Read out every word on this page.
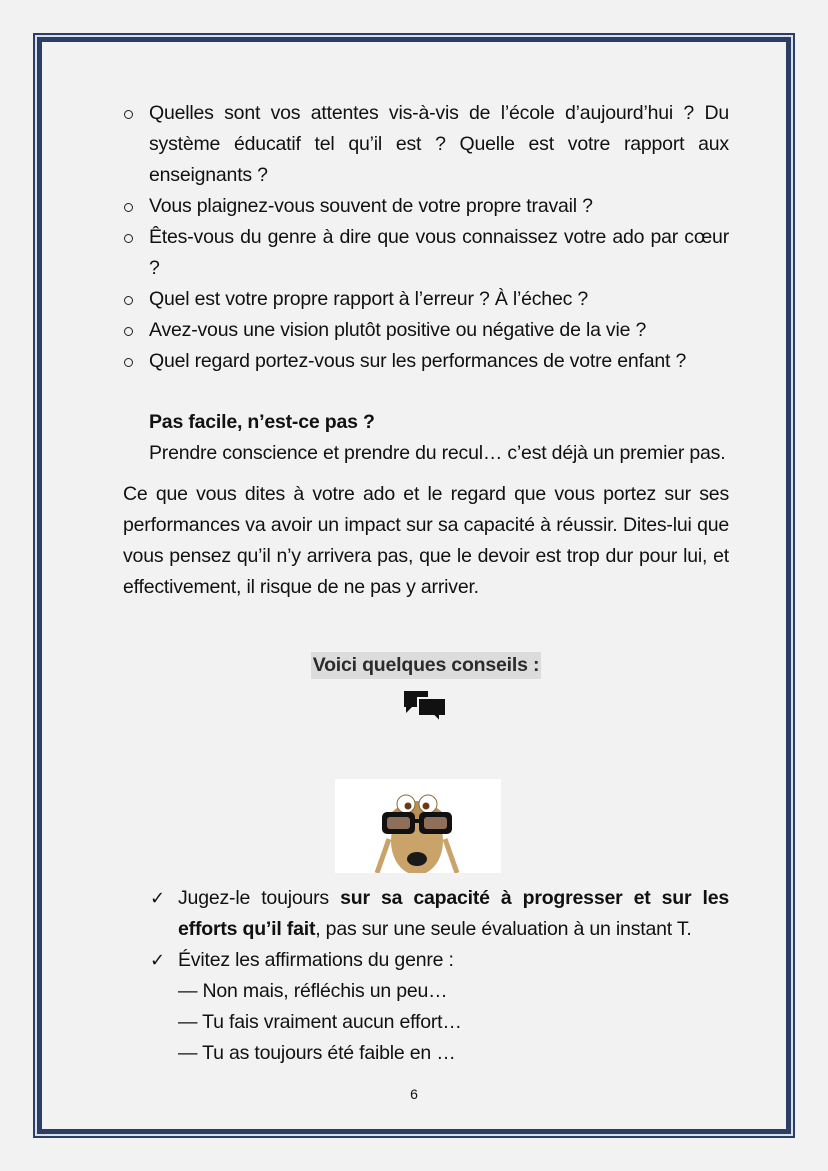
Quelles sont vos attentes vis-à-vis de l’école d’aujourd’hui ? Du système éducatif tel qu’il est ? Quelle est votre rapport aux enseignants ?
Vous plaignez-vous souvent de votre propre travail ?
Êtes-vous du genre à dire que vous connaissez votre ado par cœur ?
Quel est votre propre rapport à l’erreur ? À l’échec ?
Avez-vous une vision plutôt positive ou négative de la vie ?
Quel regard portez-vous sur les performances de votre enfant ?
Pas facile, n’est-ce pas ?
Prendre conscience et prendre du recul… c’est déjà un premier pas.

Ce que vous dites à votre ado et le regard que vous portez sur ses performances va avoir un impact sur sa capacité à réussir. Dites-lui que vous pensez qu’il n’y arrivera pas, que le devoir est trop dur pour lui, et effectivement, il risque de ne pas y arriver.

Voici quelques conseils :
✓ Jugez-le toujours sur sa capacité à progresser et sur les efforts qu’il fait, pas sur une seule évaluation à un instant T.
✓ Évitez les affirmations du genre :
— Non mais, réfléchis un peu…
— Tu fais vraiment aucun effort…
— Tu as toujours été faible en …
6
